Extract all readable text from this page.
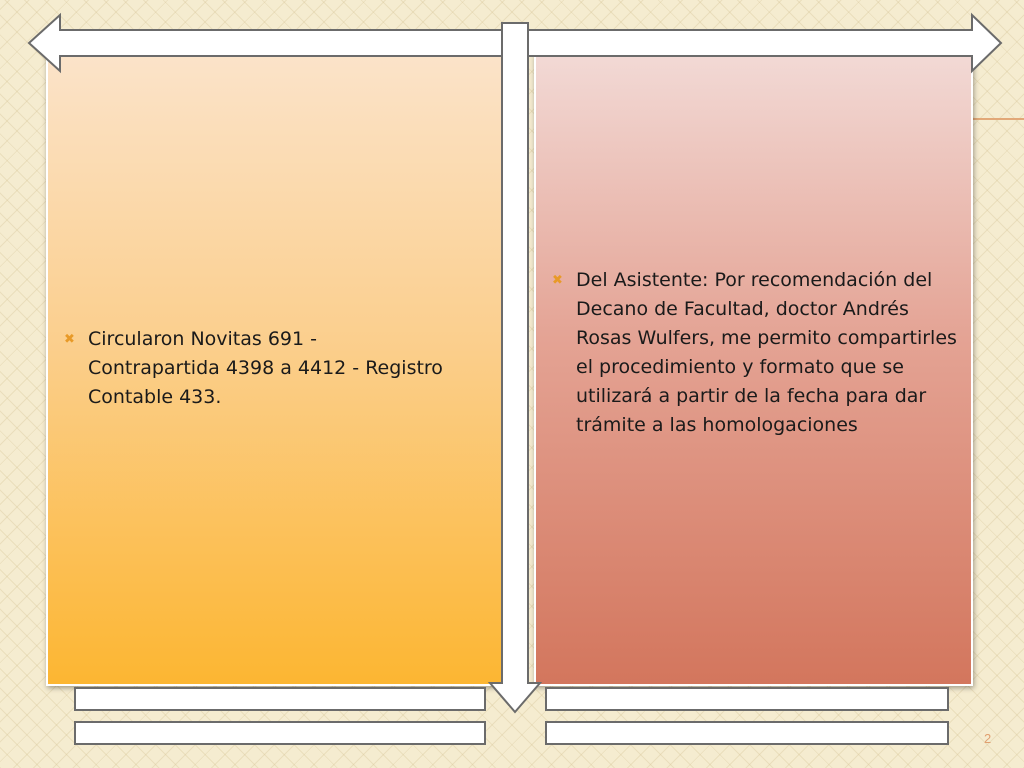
✖ Circularon Novitas 691 - Contrapartida 4398 a 4412 - Registro Contable 433.
✖ Del Asistente: Por recomendación del Decano de Facultad, doctor Andrés Rosas Wulfers, me permito compartirles el procedimiento y formato que se utilizará a partir de la fecha para dar trámite a las homologaciones
2
